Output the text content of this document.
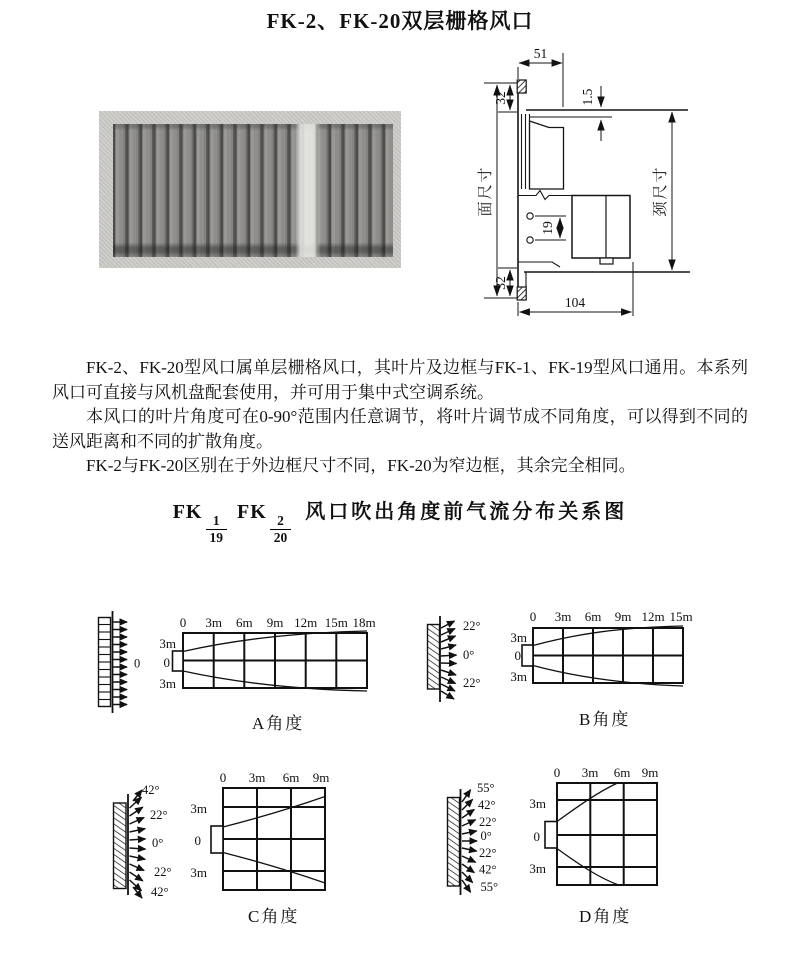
FK-2、FK-20双层栅格风口
51
1.5
32
32
19
104
面尺寸	颈尺寸

FK-2、FK-20型风口属单层栅格风口，其叶片及边框与FK-1、FK-19型风口通用。本系列风口可直接与风机盘配套使用，并可用于集中式空调系统。

本风口的叶片角度可在0-90°范围内任意调节，将叶片调节成不同角度，可以得到不同的送风距离和不同的扩散角度。

FK-2与FK-20区别在于外边框尺寸不同，FK-20为窄边框，其余完全相同。

FK
$\frac{1}{19}$
FK
$\frac{2}{20}$
风口吹出角度前气流分布关系图
0
0 3m 6m 9m 12m 15m 18m
3m
0
3m
A角度
22°
0°
22°
0 3m 6m 9m 12m 15m
3m
0
3m
B角度
42°
22°
0°
22°
42°
0 3m 6m 9m
3m
0
3m
C角度
55°
42°
22°
0°
22°
42°
55°
0 3m 6m 9m
3m
0
3m
D角度
